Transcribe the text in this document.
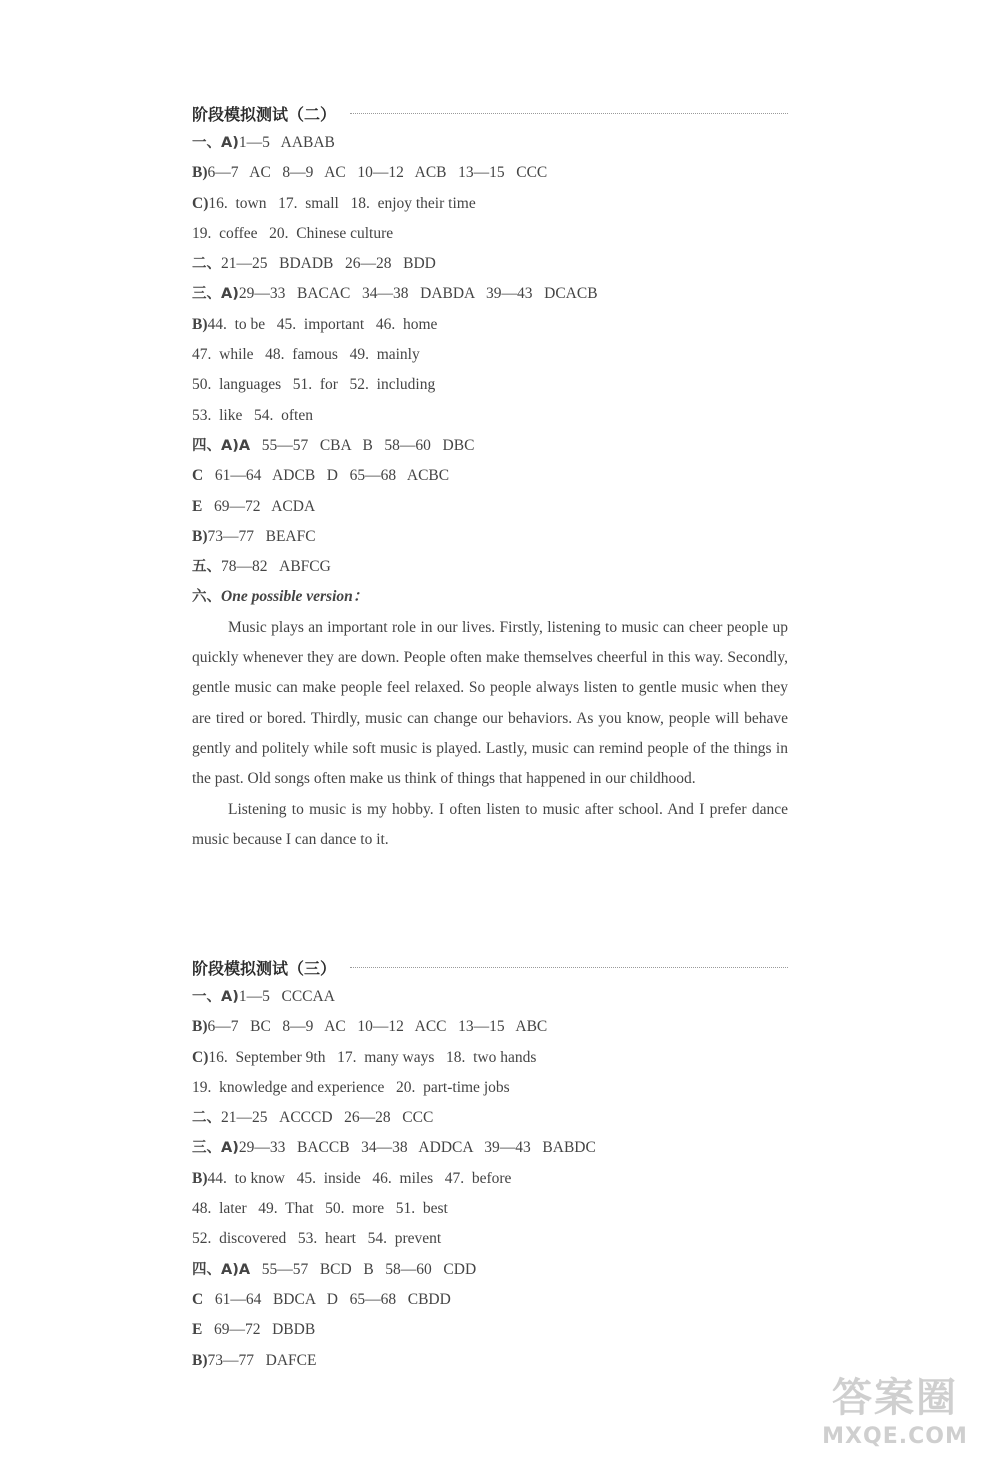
阶段模拟测试（二）
一、A)1—5   AABAB
B)6—7   AC   8—9   AC   10—12   ACB   13—15   CCC
C)16.  town   17.  small   18.  enjoy their time
19.  coffee   20.  Chinese culture
二、21—25   BDADB   26—28   BDD
三、A)29—33   BACAC   34—38   DABDA   39—43   DCACB
B)44.  to be   45.  important   46.  home
47.  while   48.  famous   49.  mainly
50.  languages   51.  for   52.  including
53.  like   54.  often
四、A)A   55—57   CBA   B   58—60   DBC
C   61—64   ADCB   D   65—68   ACBC
E   69—72   ACDA
B)73—77   BEAFC
五、78—82   ABFCG
六、One possible version：

Music plays an important role in our lives. Firstly, listening to music can cheer people up quickly whenever they are down. People often make themselves cheerful in this way. Secondly, gentle music can make people feel relaxed. So people always listen to gentle music when they are tired or bored. Thirdly, music can change our behaviors. As you know, people will behave gently and politely while soft music is played. Lastly, music can remind people of the things in the past. Old songs often make us think of things that happened in our childhood.

Listening to music is my hobby. I often listen to music after school. And I prefer dance music because I can dance to it.

阶段模拟测试（三）
一、A)1—5   CCCAA
B)6—7   BC   8—9   AC   10—12   ACC   13—15   ABC
C)16.  September 9th   17.  many ways   18.  two hands
19.  knowledge and experience   20.  part-time jobs
二、21—25   ACCCD   26—28   CCC
三、A)29—33   BACCB   34—38   ADDCA   39—43   BABDC
B)44.  to know   45.  inside   46.  miles   47.  before
48.  later   49.  That   50.  more   51.  best
52.  discovered   53.  heart   54.  prevent
四、A)A   55—57   BCD   B   58—60   CDD
C   61—64   BDCA   D   65—68   CBDD
E   69—72   DBDB
B)73—77   DAFCE
答案圈
MXQE.COM
